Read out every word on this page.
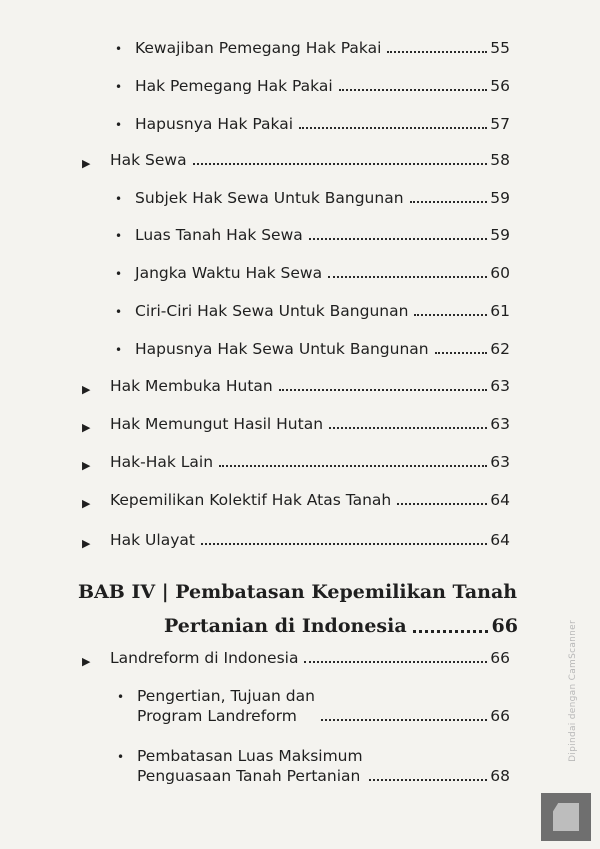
• Kewajiban Pemegang Hak Pakai	55
• Hak Pemegang Hak Pakai	56
• Hapusnya Hak Pakai	57
▶ Hak Sewa	58
• Subjek Hak Sewa Untuk Bangunan	59
• Luas Tanah Hak Sewa	59
• Jangka Waktu Hak Sewa	60
• Ciri-Ciri Hak Sewa Untuk Bangunan	61
• Hapusnya Hak Sewa Untuk Bangunan	62
▶ Hak Membuka Hutan	63
▶ Hak Memungut Hasil Hutan	63
▶ Hak-Hak Lain	63
▶ Kepemilikan Kolektif Hak Atas Tanah	64
▶ Hak Ulayat	64
BAB IV | Pembatasan Kepemilikan Tanah
Pertanian di Indonesia	66
▶ Landreform di Indonesia	66
• Pengertian, Tujuan dan
Program Landreform	66
• Pembatasan Luas Maksimum
Penguasaan Tanah Pertanian	68
Dipindai dengan CamScanner
